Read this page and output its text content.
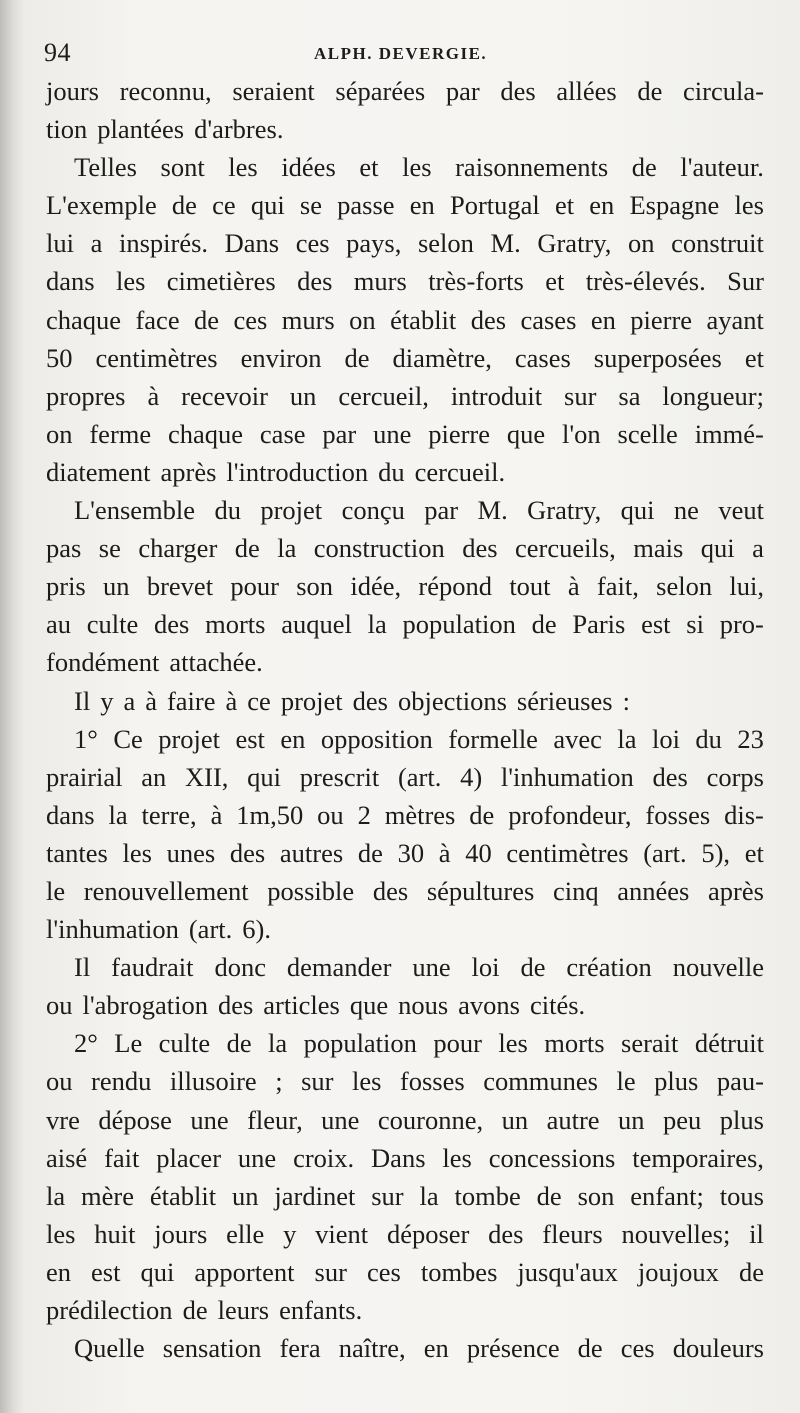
94	ALPH. DEVERGIE.
jours reconnu, seraient séparées par des allées de circula-
tion plantées d'arbres.
Telles sont les idées et les raisonnements de l'auteur.
L'exemple de ce qui se passe en Portugal et en Espagne les
lui a inspirés. Dans ces pays, selon M. Gratry, on construit
dans les cimetières des murs très-forts et très-élevés. Sur
chaque face de ces murs on établit des cases en pierre ayant
50 centimètres environ de diamètre, cases superposées et
propres à recevoir un cercueil, introduit sur sa longueur;
on ferme chaque case par une pierre que l'on scelle immé-
diatement après l'introduction du cercueil.
L'ensemble du projet conçu par M. Gratry, qui ne veut
pas se charger de la construction des cercueils, mais qui a
pris un brevet pour son idée, répond tout à fait, selon lui,
au culte des morts auquel la population de Paris est si pro-
fondément attachée.
Il y a à faire à ce projet des objections sérieuses :
1° Ce projet est en opposition formelle avec la loi du 23
prairial an XII, qui prescrit (art. 4) l'inhumation des corps
dans la terre, à 1m,50 ou 2 mètres de profondeur, fosses dis-
tantes les unes des autres de 30 à 40 centimètres (art. 5), et
le renouvellement possible des sépultures cinq années après
l'inhumation (art. 6).
Il faudrait donc demander une loi de création nouvelle
ou l'abrogation des articles que nous avons cités.
2° Le culte de la population pour les morts serait détruit
ou rendu illusoire ; sur les fosses communes le plus pau-
vre dépose une fleur, une couronne, un autre un peu plus
aisé fait placer une croix. Dans les concessions temporaires,
la mère établit un jardinet sur la tombe de son enfant; tous
les huit jours elle y vient déposer des fleurs nouvelles; il
en est qui apportent sur ces tombes jusqu'aux joujoux de
prédilection de leurs enfants.
Quelle sensation fera naître, en présence de ces douleurs
